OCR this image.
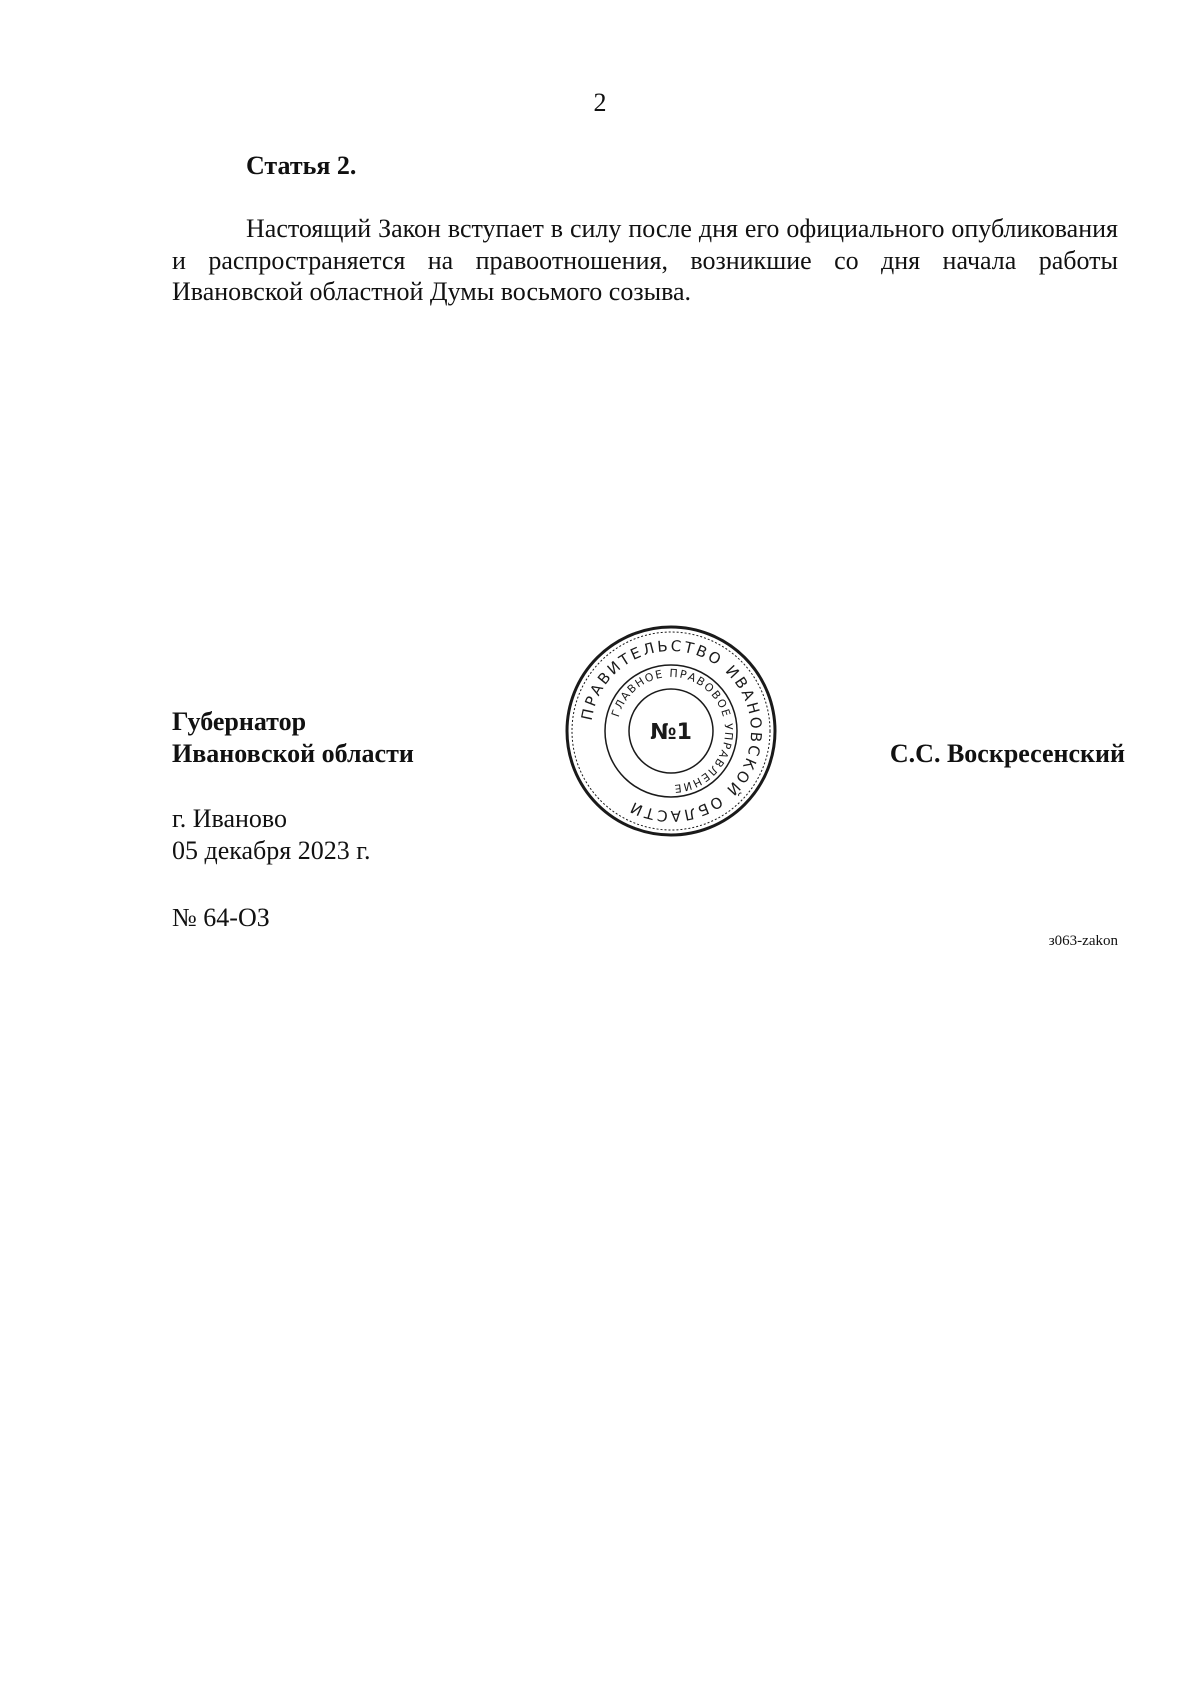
2
Статья 2.

Настоящий Закон вступает в силу после дня его официального опубликования и распространяется на правоотношения, возникшие со дня начала работы Ивановской областной Думы восьмого созыва.

Губернатор
Ивановской области
ПРАВИТЕЛЬСТВО ИВАНОВСКОЙ ОБЛАСТИ
ГЛАВНОЕ ПРАВОВОЕ УПРАВЛЕНИЕ
№1
С.С. Воскресенский
г. Иваново
05 декабря 2023 г.
№ 64-ОЗ
з063-zakon
